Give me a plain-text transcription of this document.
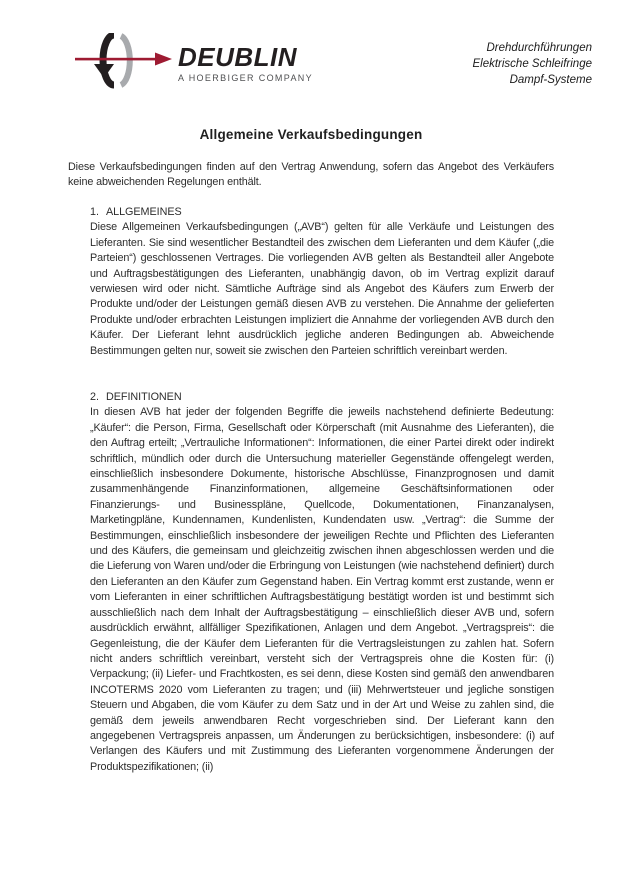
DEUBLIN
A HOERBIGER COMPANY
Drehdurchführungen
Elektrische Schleifringe
Dampf-Systeme
Allgemeine Verkaufsbedingungen
Diese Verkaufsbedingungen finden auf den Vertrag Anwendung, sofern das Angebot des Verkäufers keine abweichenden Regelungen enthält.
1. ALLGEMEINES
Diese Allgemeinen Verkaufsbedingungen („AVB“) gelten für alle Verkäufe und Leistungen des Lieferanten. Sie sind wesentlicher Bestandteil des zwischen dem Lieferanten und dem Käufer („die Parteien“) geschlossenen Vertrages. Die vorliegenden AVB gelten als Bestandteil aller Angebote und Auftragsbestätigungen des Lieferanten, unabhängig davon, ob im Vertrag explizit darauf verwiesen wird oder nicht. Sämtliche Aufträge sind als Angebot des Käufers zum Erwerb der Produkte und/oder der Leistungen gemäß diesen AVB zu verstehen. Die Annahme der gelieferten Produkte und/oder erbrachten Leistungen impliziert die Annahme der vorliegenden AVB durch den Käufer. Der Lieferant lehnt ausdrücklich jegliche anderen Bedingungen ab. Abweichende Bestimmungen gelten nur, soweit sie zwischen den Parteien schriftlich vereinbart werden.
2. DEFINITIONEN
In diesen AVB hat jeder der folgenden Begriffe die jeweils nachstehend definierte Bedeutung: „Käufer“: die Person, Firma, Gesellschaft oder Körperschaft (mit Ausnahme des Lieferanten), die den Auftrag erteilt; „Vertrauliche Informationen“: Informationen, die einer Partei direkt oder indirekt schriftlich, mündlich oder durch die Untersuchung materieller Gegenstände offengelegt werden, einschließlich insbesondere Dokumente, historische Abschlüsse, Finanzprognosen und damit zusammenhängende Finanzinformationen, allgemeine Geschäftsinformationen oder Finanzierungs- und Businesspläne, Quellcode, Dokumentationen, Finanzanalysen, Marketingpläne, Kundennamen, Kundenlisten, Kundendaten usw. „Vertrag“: die Summe der Bestimmungen, einschließlich insbesondere der jeweiligen Rechte und Pflichten des Lieferanten und des Käufers, die gemeinsam und gleichzeitig zwischen ihnen abgeschlossen werden und die die Lieferung von Waren und/oder die Erbringung von Leistungen (wie nachstehend definiert) durch den Lieferanten an den Käufer zum Gegenstand haben. Ein Vertrag kommt erst zustande, wenn er vom Lieferanten in einer schriftlichen Auftragsbestätigung bestätigt worden ist und bestimmt sich ausschließlich nach dem Inhalt der Auftragsbestätigung – einschließlich dieser AVB und, sofern ausdrücklich erwähnt, allfälliger Spezifikationen, Anlagen und dem Angebot. „Vertragspreis“: die Gegenleistung, die der Käufer dem Lieferanten für die Vertragsleistungen zu zahlen hat. Sofern nicht anders schriftlich vereinbart, versteht sich der Vertragspreis ohne die Kosten für: (i) Verpackung; (ii) Liefer- und Frachtkosten, es sei denn, diese Kosten sind gemäß den anwendbaren INCOTERMS 2020 vom Lieferanten zu tragen; und (iii) Mehrwertsteuer und jegliche sonstigen Steuern und Abgaben, die vom Käufer zu dem Satz und in der Art und Weise zu zahlen sind, die gemäß dem jeweils anwendbaren Recht vorgeschrieben sind. Der Lieferant kann den angegebenen Vertragspreis anpassen, um Änderungen zu berücksichtigen, insbesondere: (i) auf Verlangen des Käufers und mit Zustimmung des Lieferanten vorgenommene Änderungen der Produktspezifikationen; (ii)
